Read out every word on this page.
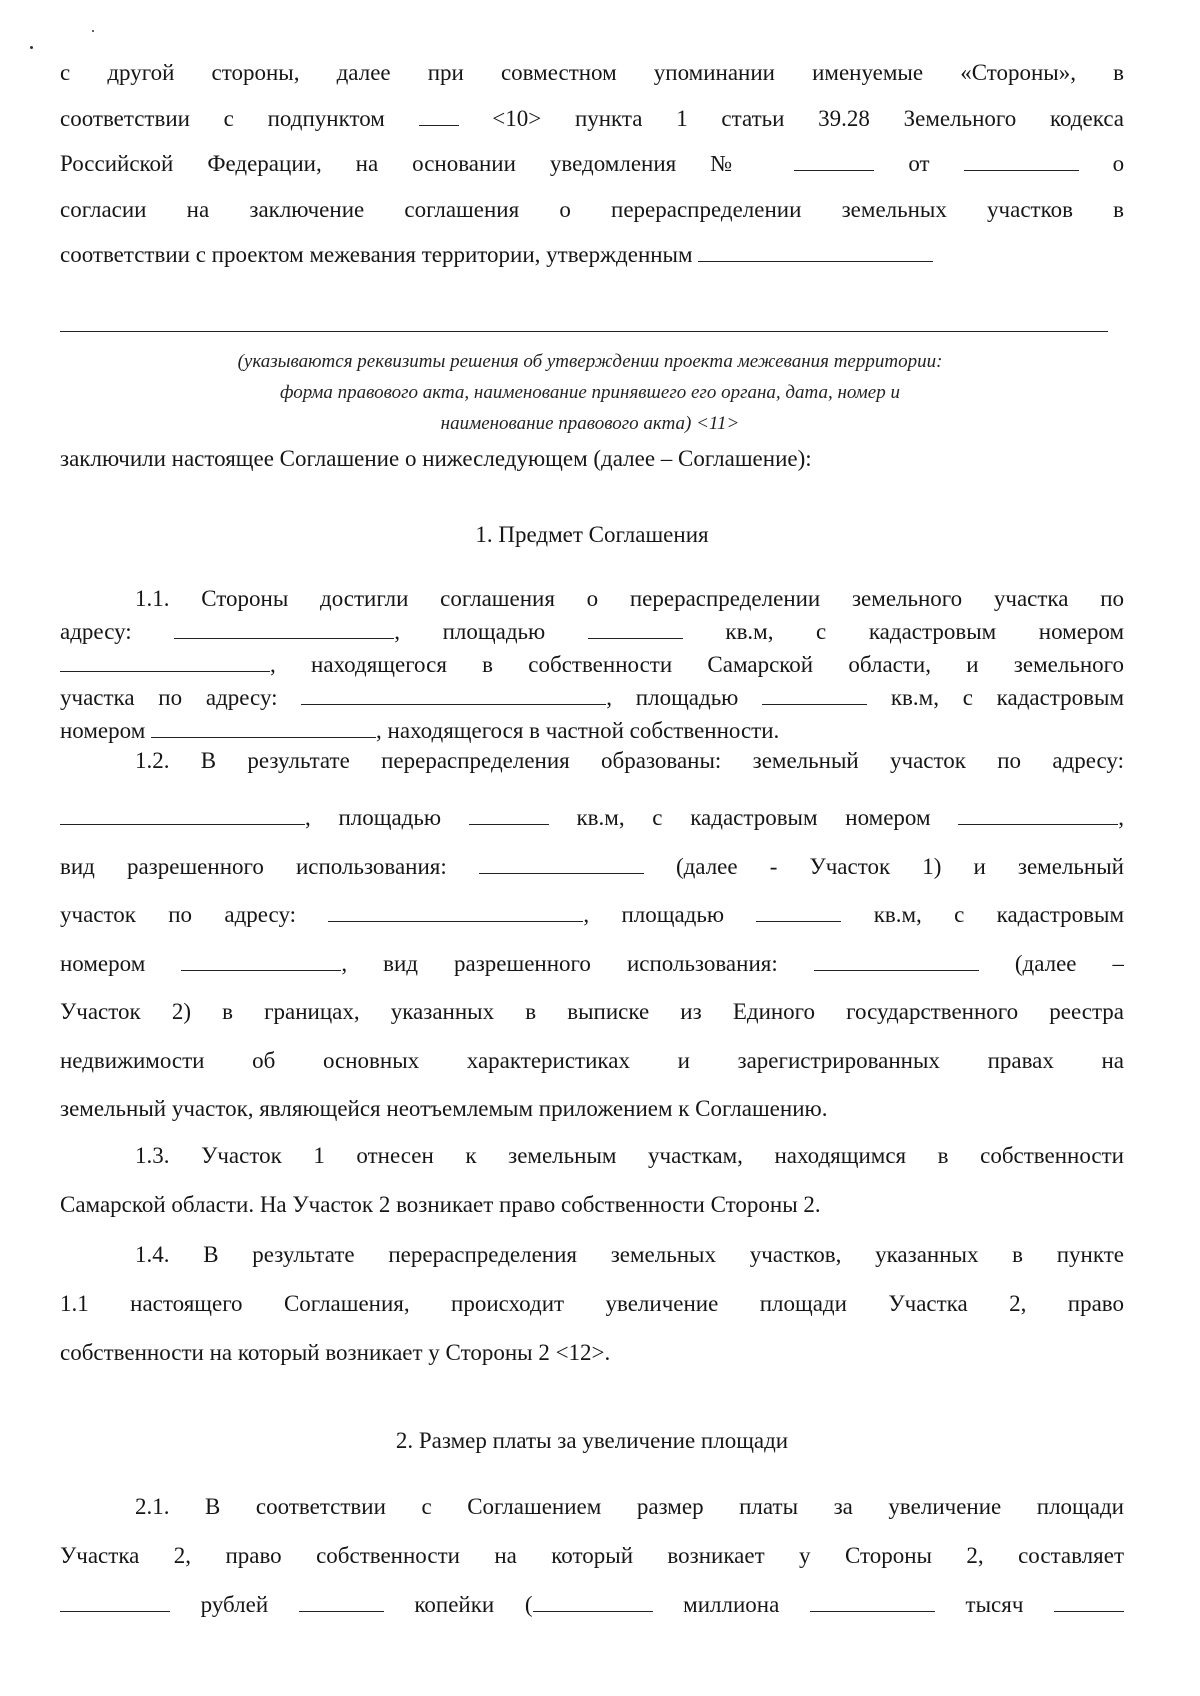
с другой стороны, далее при совместном упоминании именуемые «Стороны», в
соответствии с подпунктом	<10> пункта 1 статьи 39.28 Земельного кодекса
Российской Федерации, на основании уведомления №	от	о
согласии на заключение соглашения о перераспределении земельных участков в
соответствии с проектом межевания территории, утвержденным
(указываются реквизиты решения об утверждении проекта межевания территории:
форма правового акта, наименование принявшего его органа, дата, номер и
наименование правового акта) <11>
заключили настоящее Соглашение о нижеследующем (далее – Соглашение):
1. Предмет Соглашения
1.1. Стороны достигли соглашения о перераспределении земельного участка по
адресу:	, площадью	кв.м, с кадастровым номером
, находящегося в собственности Самарской области, и земельного
участка по адресу:	, площадью	кв.м, с кадастровым
номером	, находящегося в частной собственности.
1.2. В результате перераспределения образованы: земельный участок по адресу:
, площадью	кв.м, с кадастровым номером	,
вид разрешенного использования:	(далее - Участок 1) и земельный
участок по адресу:	, площадью	кв.м, с кадастровым
номером	, вид разрешенного использования:	(далее –
Участок 2) в границах, указанных в выписке из Единого государственного реестра
недвижимости об основных характеристиках и зарегистрированных правах на
земельный участок, являющейся неотъемлемым приложением к Соглашению.
1.3. Участок 1 отнесен к земельным участкам, находящимся в собственности
Самарской области. На Участок 2 возникает право собственности Стороны 2.
1.4. В результате перераспределения земельных участков, указанных в пункте
1.1 настоящего Соглашения, происходит увеличение площади Участка 2, право
собственности на который возникает у Стороны 2 <12>.
2. Размер платы за увеличение площади
2.1. В соответствии с Соглашением размер платы за увеличение площади
Участка 2, право собственности на который возникает у Стороны 2, составляет
рублей	копейки (	миллиона	тысяч
